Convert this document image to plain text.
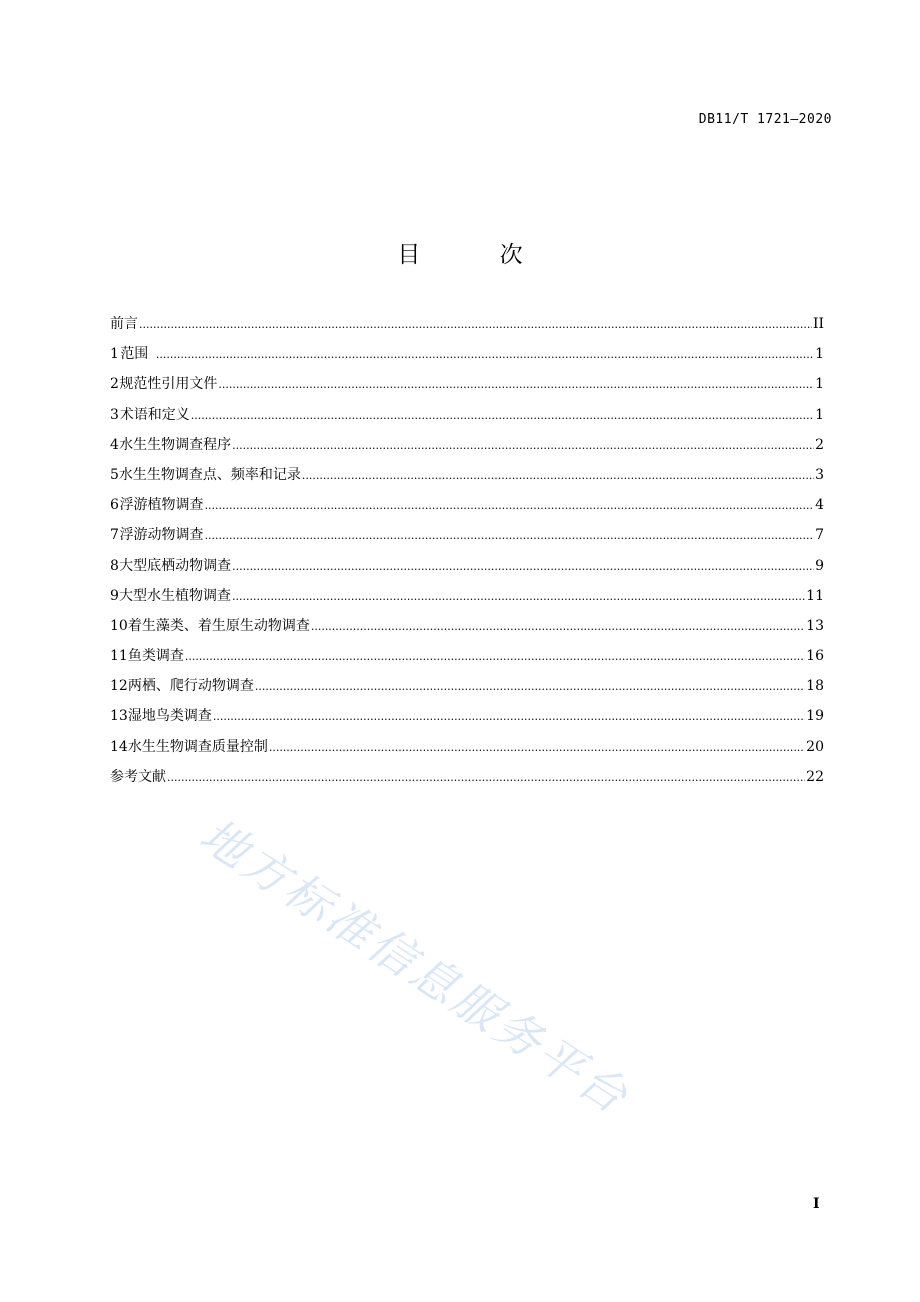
DB11/T 1721—2020
目 次
前言 .....	II
1 范围 .....	1
2 规范性引用文件 .....	1
3 术语和定义 .....	1
4 水生生物调查程序 .....	2
5 水生生物调查点、频率和记录 .....	3
6 浮游植物调查 .....	4
7 浮游动物调查 .....	7
8 大型底栖动物调查 .....	9
9 大型水生植物调查 .....	11
10 着生藻类、着生原生动物调查 .....	13
11 鱼类调查 .....	16
12 两栖、爬行动物调查 .....	18
13 湿地鸟类调查 .....	19
14 水生生物调查质量控制 .....	20
参考文献 .....	22
地方标准信息服务平台
I
